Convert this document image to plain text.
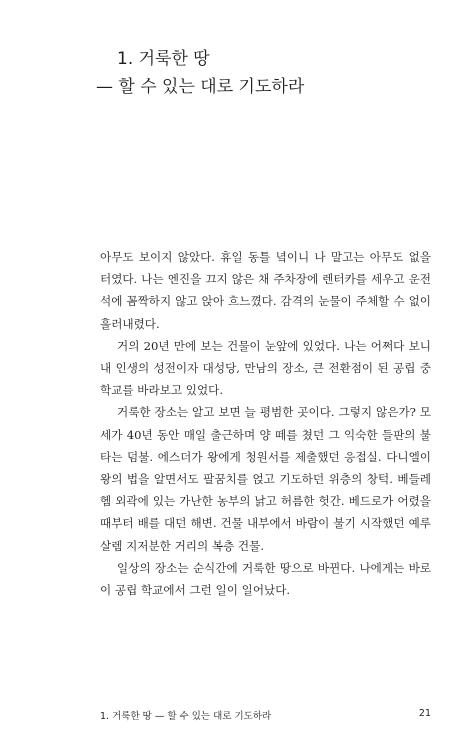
1. 거룩한 땅
— 할 수 있는 대로 기도하라

아무도 보이지 않았다. 휴일 동틀 녘이니 나 말고는 아무도 없을 터였다. 나는 엔진을 끄지 않은 채 주차장에 렌터카를 세우고 운전석에 꼼짝하지 않고 앉아 흐느꼈다. 감격의 눈물이 주체할 수 없이 흘러내렸다.

거의 20년 만에 보는 건물이 눈앞에 있었다. 나는 어쩌다 보니 내 인생의 성전이자 대성당, 만남의 장소, 큰 전환점이 된 공립 중학교를 바라보고 있었다.

거룩한 장소는 알고 보면 늘 평범한 곳이다. 그렇지 않은가? 모세가 40년 동안 매일 출근하며 양 떼를 쳤던 그 익숙한 들판의 불타는 덤불. 에스더가 왕에게 청원서를 제출했던 응접실. 다니엘이 왕의 법을 알면서도 팔꿈치를 얹고 기도하던 위층의 창턱. 베들레헴 외곽에 있는 가난한 농부의 낡고 허름한 헛간. 베드로가 어렸을 때부터 배를 대던 해변. 건물 내부에서 바람이 불기 시작했던 예루살렘 지저분한 거리의 복층 건물.

일상의 장소는 순식간에 거룩한 땅으로 바뀐다. 나에게는 바로 이 공립 학교에서 그런 일이 일어났다.

1. 거룩한 땅 — 할 수 있는 대로 기도하라	21
